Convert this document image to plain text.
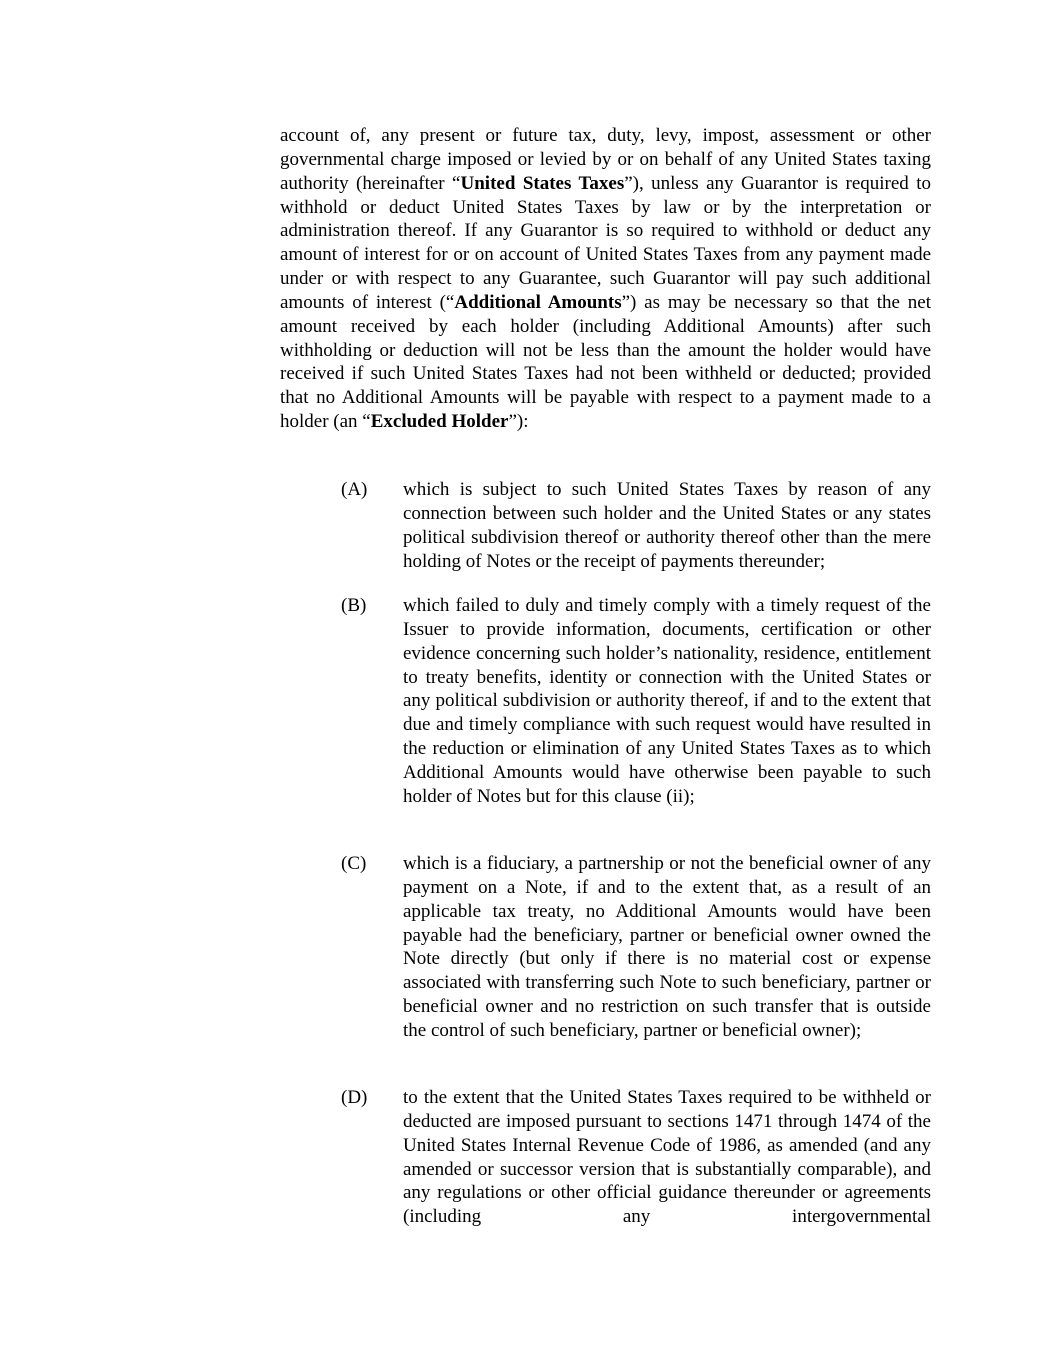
account of, any present or future tax, duty, levy, impost, assessment or other governmental charge imposed or levied by or on behalf of any United States taxing authority (hereinafter “United States Taxes”), unless any Guarantor is required to withhold or deduct United States Taxes by law or by the interpretation or administration thereof. If any Guarantor is so required to withhold or deduct any amount of interest for or on account of United States Taxes from any payment made under or with respect to any Guarantee, such Guarantor will pay such additional amounts of interest (“Additional Amounts”) as may be necessary so that the net amount received by each holder (including Additional Amounts) after such withholding or deduction will not be less than the amount the holder would have received if such United States Taxes had not been withheld or deducted; provided that no Additional Amounts will be payable with respect to a payment made to a holder (an “Excluded Holder”):

(A) which is subject to such United States Taxes by reason of any connection between such holder and the United States or any states political subdivision thereof or authority thereof other than the mere holding of Notes or the receipt of payments thereunder;

(B) which failed to duly and timely comply with a timely request of the Issuer to provide information, documents, certification or other evidence concerning such holder’s nationality, residence, entitlement to treaty benefits, identity or connection with the United States or any political subdivision or authority thereof, if and to the extent that due and timely compliance with such request would have resulted in the reduction or elimination of any United States Taxes as to which Additional Amounts would have otherwise been payable to such holder of Notes but for this clause (ii);

(C) which is a fiduciary, a partnership or not the beneficial owner of any payment on a Note, if and to the extent that, as a result of an applicable tax treaty, no Additional Amounts would have been payable had the beneficiary, partner or beneficial owner owned the Note directly (but only if there is no material cost or expense associated with transferring such Note to such beneficiary, partner or beneficial owner and no restriction on such transfer that is outside the control of such beneficiary, partner or beneficial owner);

(D) to the extent that the United States Taxes required to be withheld or deducted are imposed pursuant to sections 1471 through 1474 of the United States Internal Revenue Code of 1986, as amended (and any amended or successor version that is substantially comparable), and any regulations or other official guidance thereunder or agreements (including any intergovernmental
